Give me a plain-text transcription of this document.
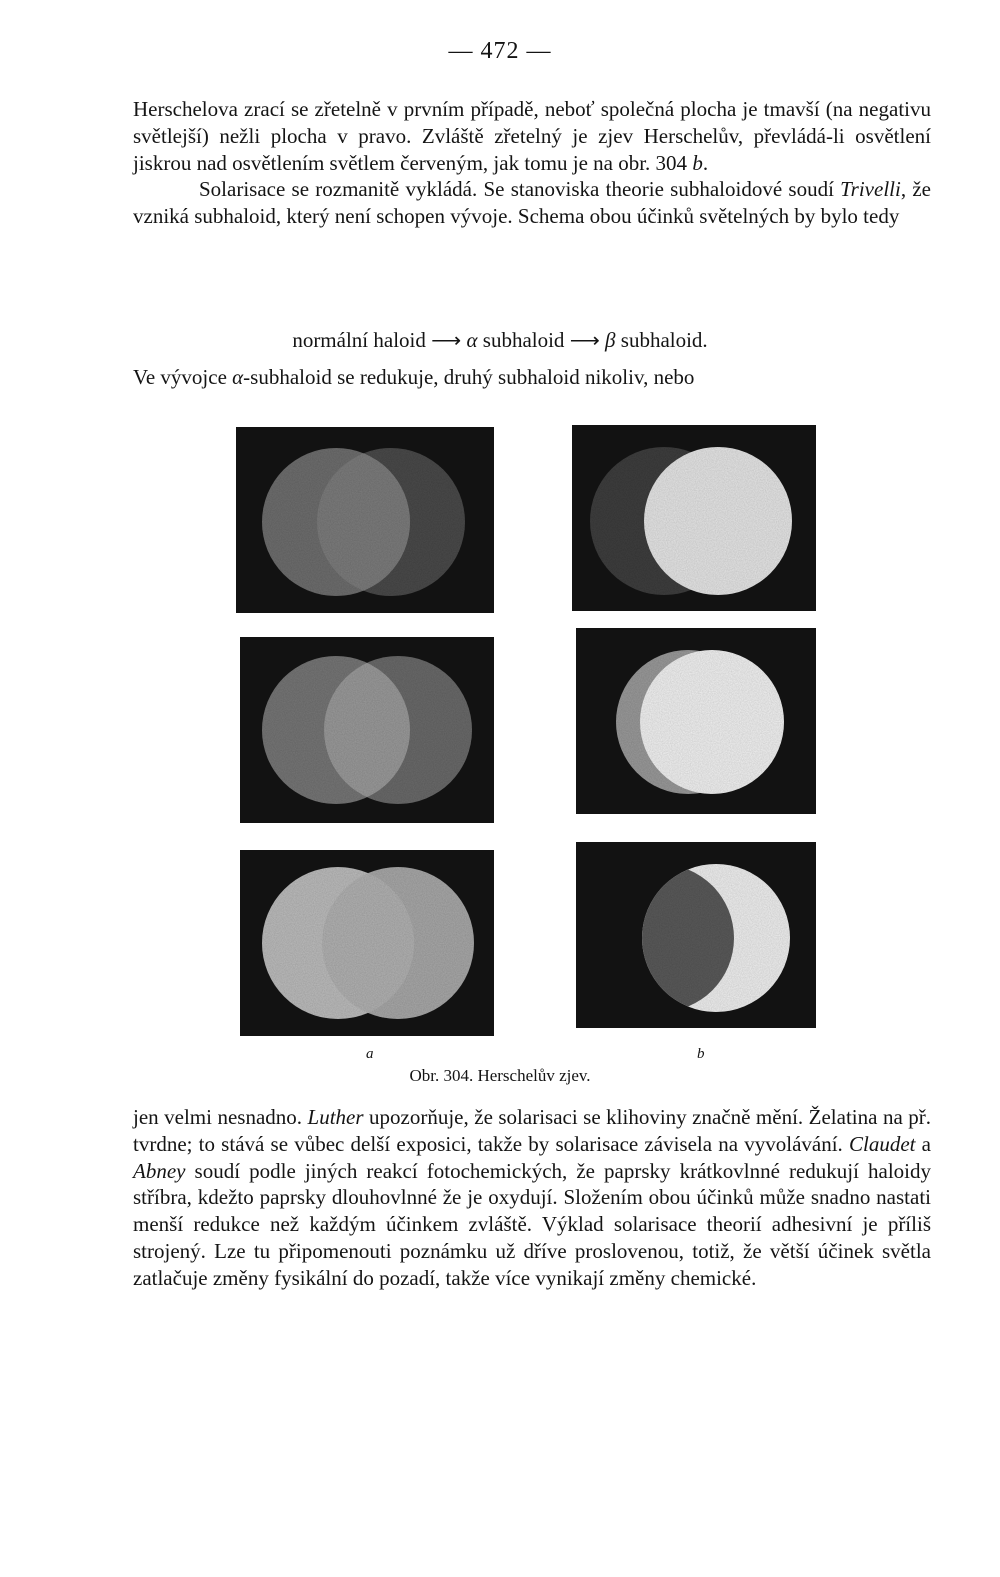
— 472 —

Herschelova zrací se zřetelně v prvním případě, neboť společná plocha je tmavší (na negativu světlejší) nežli plocha v pravo. Zvláště zřetelný je zjev Herschelův, převládá-li osvětlení jiskrou nad osvětlením světlem červeným, jak tomu je na obr. 304 b.
Solarisace se rozmanitě vykládá. Se stanoviska theorie subhaloidové soudí Trivelli, že vzniká subhaloid, který není schopen vývoje. Schema obou účinků světelných by bylo tedy

normální haloid ⟶ α subhaloid ⟶ β subhaloid.

Ve vývojce α-subhaloid se redukuje, druhý subhaloid nikoliv, nebo

a	b
Obr. 304. Herschelův zjev.

jen velmi nesnadno. Luther upozorňuje, že solarisaci se klihoviny značně mění. Želatina na př. tvrdne; to stává se vůbec delší exposici, takže by solarisace závisela na vyvolávání. Claudet a Abney soudí podle jiných reakcí fotochemických, že paprsky krátkovlnné redukují haloidy stříbra, kdežto paprsky dlouhovlnné že je oxydují. Složením obou účinků může snadno nastati menší redukce než každým účinkem zvláště. Výklad solarisace theorií adhesivní je příliš strojený. Lze tu připomenouti poznámku už dříve proslovenou, totiž, že větší účinek světla zatlačuje změny fysikální do pozadí, takže více vynikají změny chemické.
